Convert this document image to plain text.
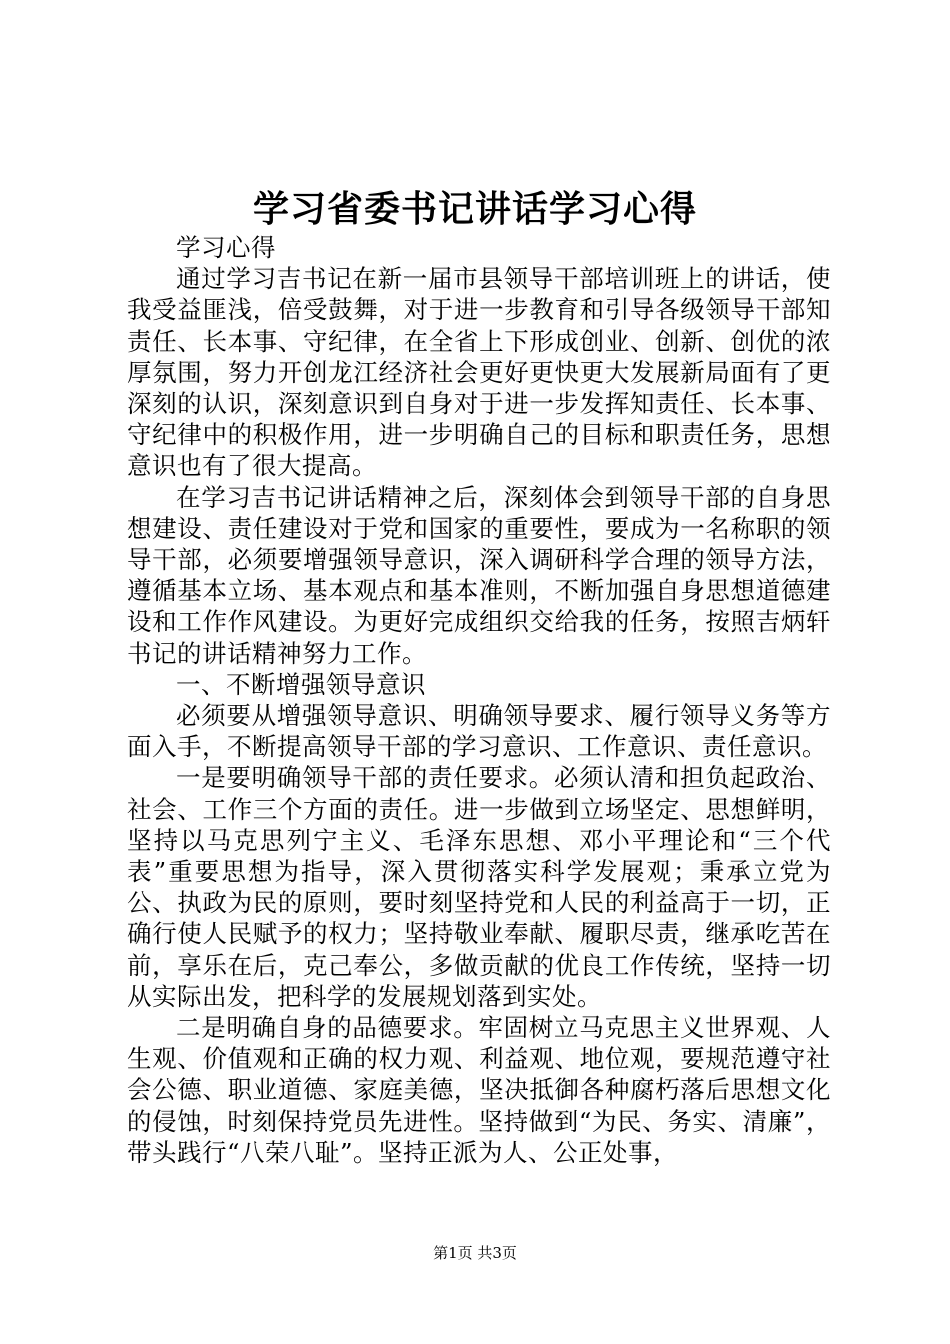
学习省委书记讲话学习心得

学习心得

通过学习吉书记在新一届市县领导干部培训班上的讲话，使我受益匪浅，倍受鼓舞，对于进一步教育和引导各级领导干部知责任、长本事、守纪律，在全省上下形成创业、创新、创优的浓厚氛围，努力开创龙江经济社会更好更快更大发展新局面有了更深刻的认识，深刻意识到自身对于进一步发挥知责任、长本事、守纪律中的积极作用，进一步明确自己的目标和职责任务，思想意识也有了很大提高。

在学习吉书记讲话精神之后，深刻体会到领导干部的自身思想建设、责任建设对于党和国家的重要性，要成为一名称职的领导干部，必须要增强领导意识，深入调研科学合理的领导方法，遵循基本立场、基本观点和基本准则，不断加强自身思想道德建设和工作作风建设。为更好完成组织交给我的任务，按照吉炳轩书记的讲话精神努力工作。

一、不断增强领导意识

必须要从增强领导意识、明确领导要求、履行领导义务等方面入手，不断提高领导干部的学习意识、工作意识、责任意识。

一是要明确领导干部的责任要求。必须认清和担负起政治、社会、工作三个方面的责任。进一步做到立场坚定、思想鲜明，坚持以马克思列宁主义、毛泽东思想、邓小平理论和“三个代表”重要思想为指导，深入贯彻落实科学发展观；秉承立党为公、执政为民的原则，要时刻坚持党和人民的利益高于一切，正确行使人民赋予的权力；坚持敬业奉献、履职尽责，继承吃苦在前，享乐在后，克己奉公，多做贡献的优良工作传统，坚持一切从实际出发，把科学的发展规划落到实处。

二是明确自身的品德要求。牢固树立马克思主义世界观、人生观、价值观和正确的权力观、利益观、地位观，要规范遵守社会公德、职业道德、家庭美德，坚决抵御各种腐朽落后思想文化的侵蚀，时刻保持党员先进性。坚持做到“为民、务实、清廉”，带头践行“八荣八耻”。坚持正派为人、公正处事，

第1页 共3页
